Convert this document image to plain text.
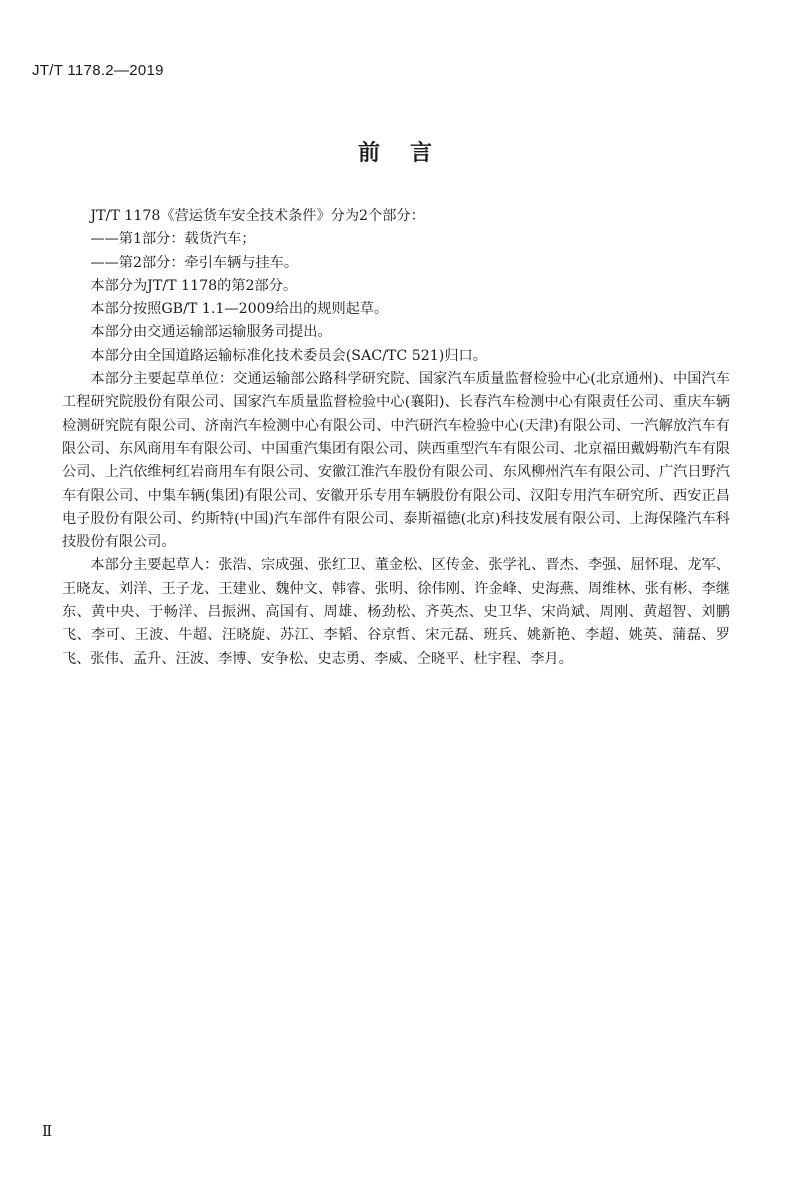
JT/T 1178.2—2019
前言

JT/T 1178《营运货车安全技术条件》分为2个部分：

——第1部分：载货汽车；

——第2部分：牵引车辆与挂车。

本部分为JT/T 1178的第2部分。

本部分按照GB/T 1.1—2009给出的规则起草。

本部分由交通运输部运输服务司提出。

本部分由全国道路运输标准化技术委员会(SAC/TC 521)归口。

本部分主要起草单位：交通运输部公路科学研究院、国家汽车质量监督检验中心(北京通州)、中国汽车工程研究院股份有限公司、国家汽车质量监督检验中心(襄阳)、长春汽车检测中心有限责任公司、重庆车辆检测研究院有限公司、济南汽车检测中心有限公司、中汽研汽车检验中心(天津)有限公司、一汽解放汽车有限公司、东风商用车有限公司、中国重汽集团有限公司、陕西重型汽车有限公司、北京福田戴姆勒汽车有限公司、上汽依维柯红岩商用车有限公司、安徽江淮汽车股份有限公司、东风柳州汽车有限公司、广汽日野汽车有限公司、中集车辆(集团)有限公司、安徽开乐专用车辆股份有限公司、汉阳专用汽车研究所、西安正昌电子股份有限公司、约斯特(中国)汽车部件有限公司、泰斯福德(北京)科技发展有限公司、上海保隆汽车科技股份有限公司。

本部分主要起草人：张浩、宗成强、张红卫、董金松、区传金、张学礼、晋杰、李强、屈怀琨、龙军、王晓友、刘洋、王子龙、王建业、魏仲文、韩睿、张明、徐伟刚、许金峰、史海燕、周维林、张有彬、李继东、黄中央、于畅洋、吕振洲、高国有、周雄、杨劲松、齐英杰、史卫华、宋尚斌、周刚、黄超智、刘鹏飞、李可、王波、牛超、汪晓旋、苏江、李韬、谷京哲、宋元磊、班兵、姚新艳、李超、姚英、蒲磊、罗飞、张伟、孟升、汪波、李博、安争松、史志勇、李威、仝晓平、杜宇程、李月。

Ⅱ
